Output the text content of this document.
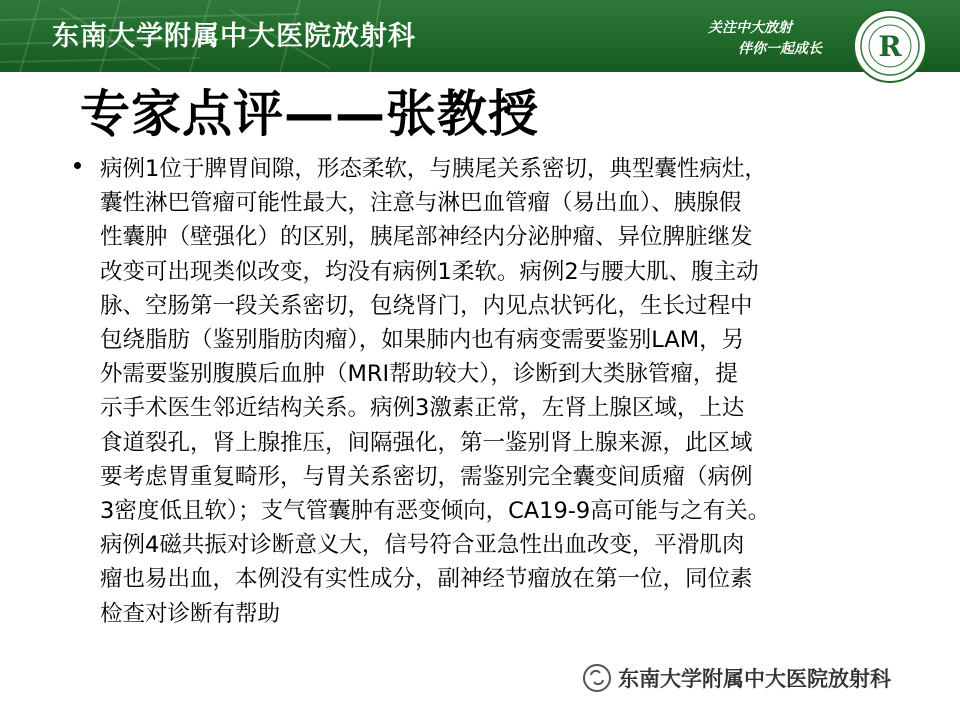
东南大学附属中大医院放射科	关注中大放射
伴你一起成长 R
专家点评——张教授

病例1位于脾胃间隙，形态柔软，与胰尾关系密切，典型囊性病灶，
囊性淋巴管瘤可能性最大，注意与淋巴血管瘤（易出血）、胰腺假
性囊肿（壁强化）的区别，胰尾部神经内分泌肿瘤、异位脾脏继发
改变可出现类似改变，均没有病例1柔软。病例2与腰大肌、腹主动
脉、空肠第一段关系密切，包绕肾门，内见点状钙化，生长过程中
包绕脂肪（鉴别脂肪肉瘤），如果肺内也有病变需要鉴别LAM，另
外需要鉴别腹膜后血肿（MRI帮助较大），诊断到大类脉管瘤，提
示手术医生邻近结构关系。病例3激素正常，左肾上腺区域，上达
食道裂孔，肾上腺推压，间隔强化，第一鉴别肾上腺来源，此区域
要考虑胃重复畸形，与胃关系密切，需鉴别完全囊变间质瘤（病例
3密度低且软）；支气管囊肿有恶变倾向，CA19-9高可能与之有关。
病例4磁共振对诊断意义大，信号符合亚急性出血改变，平滑肌肉
瘤也易出血，本例没有实性成分，副神经节瘤放在第一位，同位素
检查对诊断有帮助

东南大学附属中大医院放射科
